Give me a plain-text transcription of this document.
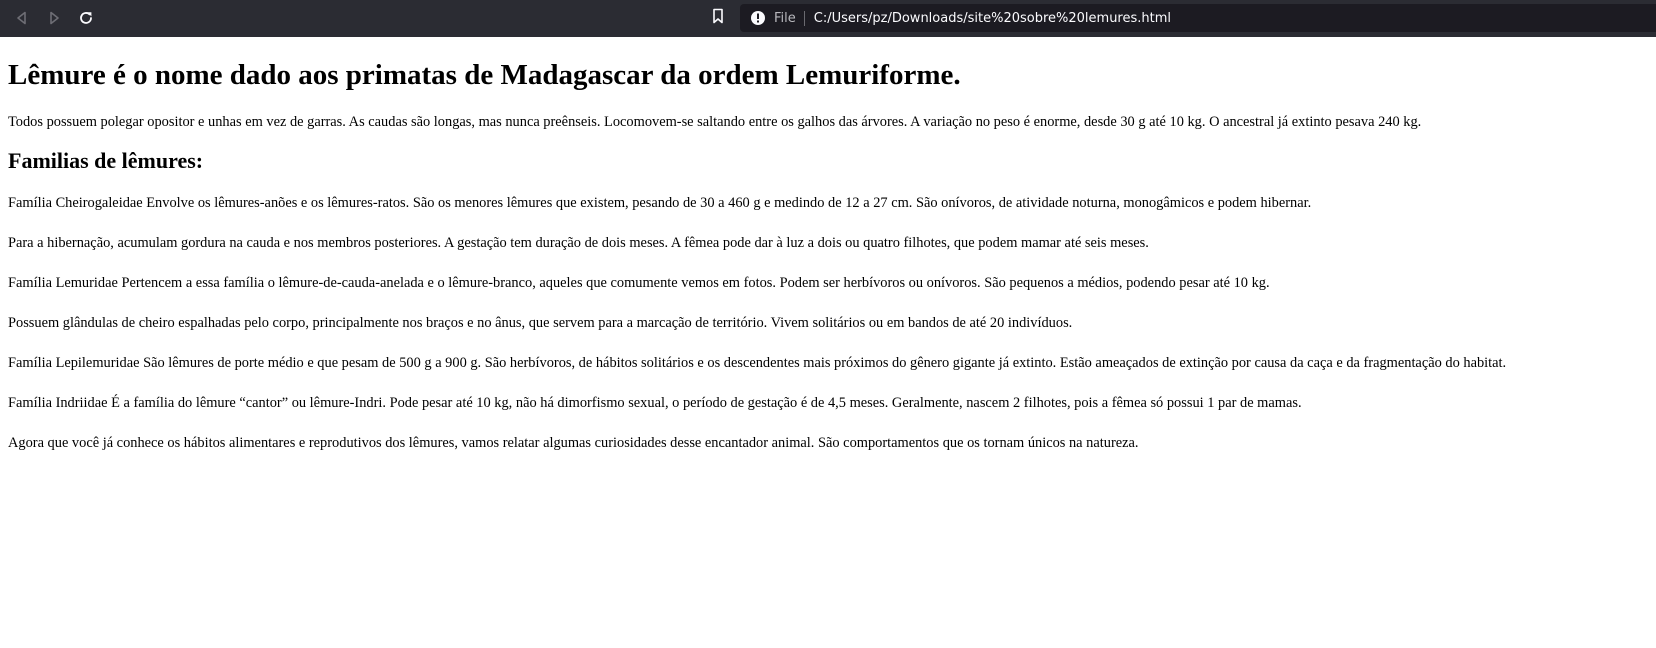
File	C:/Users/pz/Downloads/site%20sobre%20lemures.html
Lêmure é o nome dado aos primatas de Madagascar da ordem Lemuriforme.

Todos possuem polegar opositor e unhas em vez de garras. As caudas são longas, mas nunca preênseis. Locomovem-se saltando entre os galhos das árvores. A variação no peso é enorme, desde 30 g até 10 kg. O ancestral já extinto pesava 240 kg.

Familias de lêmures:

Família Cheirogaleidae Envolve os lêmures-anões e os lêmures-ratos. São os menores lêmures que existem, pesando de 30 a 460 g e medindo de 12 a 27 cm. São onívoros, de atividade noturna, monogâmicos e podem hibernar.

Para a hibernação, acumulam gordura na cauda e nos membros posteriores. A gestação tem duração de dois meses. A fêmea pode dar à luz a dois ou quatro filhotes, que podem mamar até seis meses.

Família Lemuridae Pertencem a essa família o lêmure-de-cauda-anelada e o lêmure-branco, aqueles que comumente vemos em fotos. Podem ser herbívoros ou onívoros. São pequenos a médios, podendo pesar até 10 kg.

Possuem glândulas de cheiro espalhadas pelo corpo, principalmente nos braços e no ânus, que servem para a marcação de território. Vivem solitários ou em bandos de até 20 indivíduos.

Família Lepilemuridae São lêmures de porte médio e que pesam de 500 g a 900 g. São herbívoros, de hábitos solitários e os descendentes mais próximos do gênero gigante já extinto. Estão ameaçados de extinção por causa da caça e da fragmentação do habitat.

Família Indriidae É a família do lêmure “cantor” ou lêmure-Indri. Pode pesar até 10 kg, não há dimorfismo sexual, o período de gestação é de 4,5 meses. Geralmente, nascem 2 filhotes, pois a fêmea só possui 1 par de mamas.

Agora que você já conhece os hábitos alimentares e reprodutivos dos lêmures, vamos relatar algumas curiosidades desse encantador animal. São comportamentos que os tornam únicos na natureza.
